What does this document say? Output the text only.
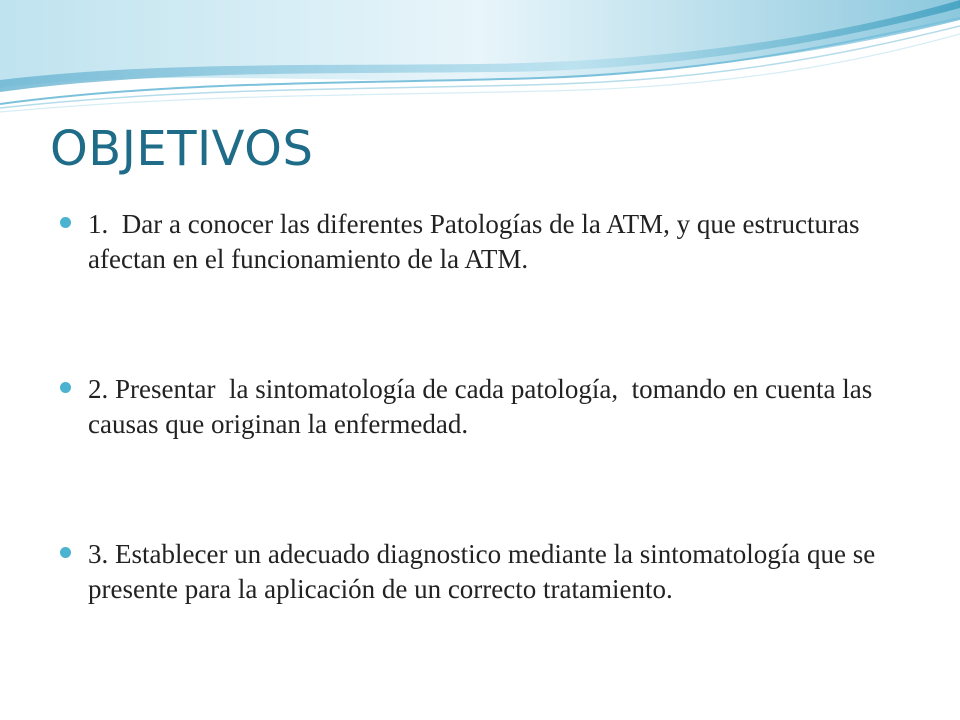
OBJETIVOS
1.  Dar a conocer las diferentes Patologías de la ATM, y que estructuras  afectan en el funcionamiento de la ATM.
2. Presentar  la sintomatología de cada patología,  tomando en cuenta las causas que originan la enfermedad.
3. Establecer un adecuado diagnostico mediante la sintomatología que se presente para la aplicación de un correcto tratamiento.
